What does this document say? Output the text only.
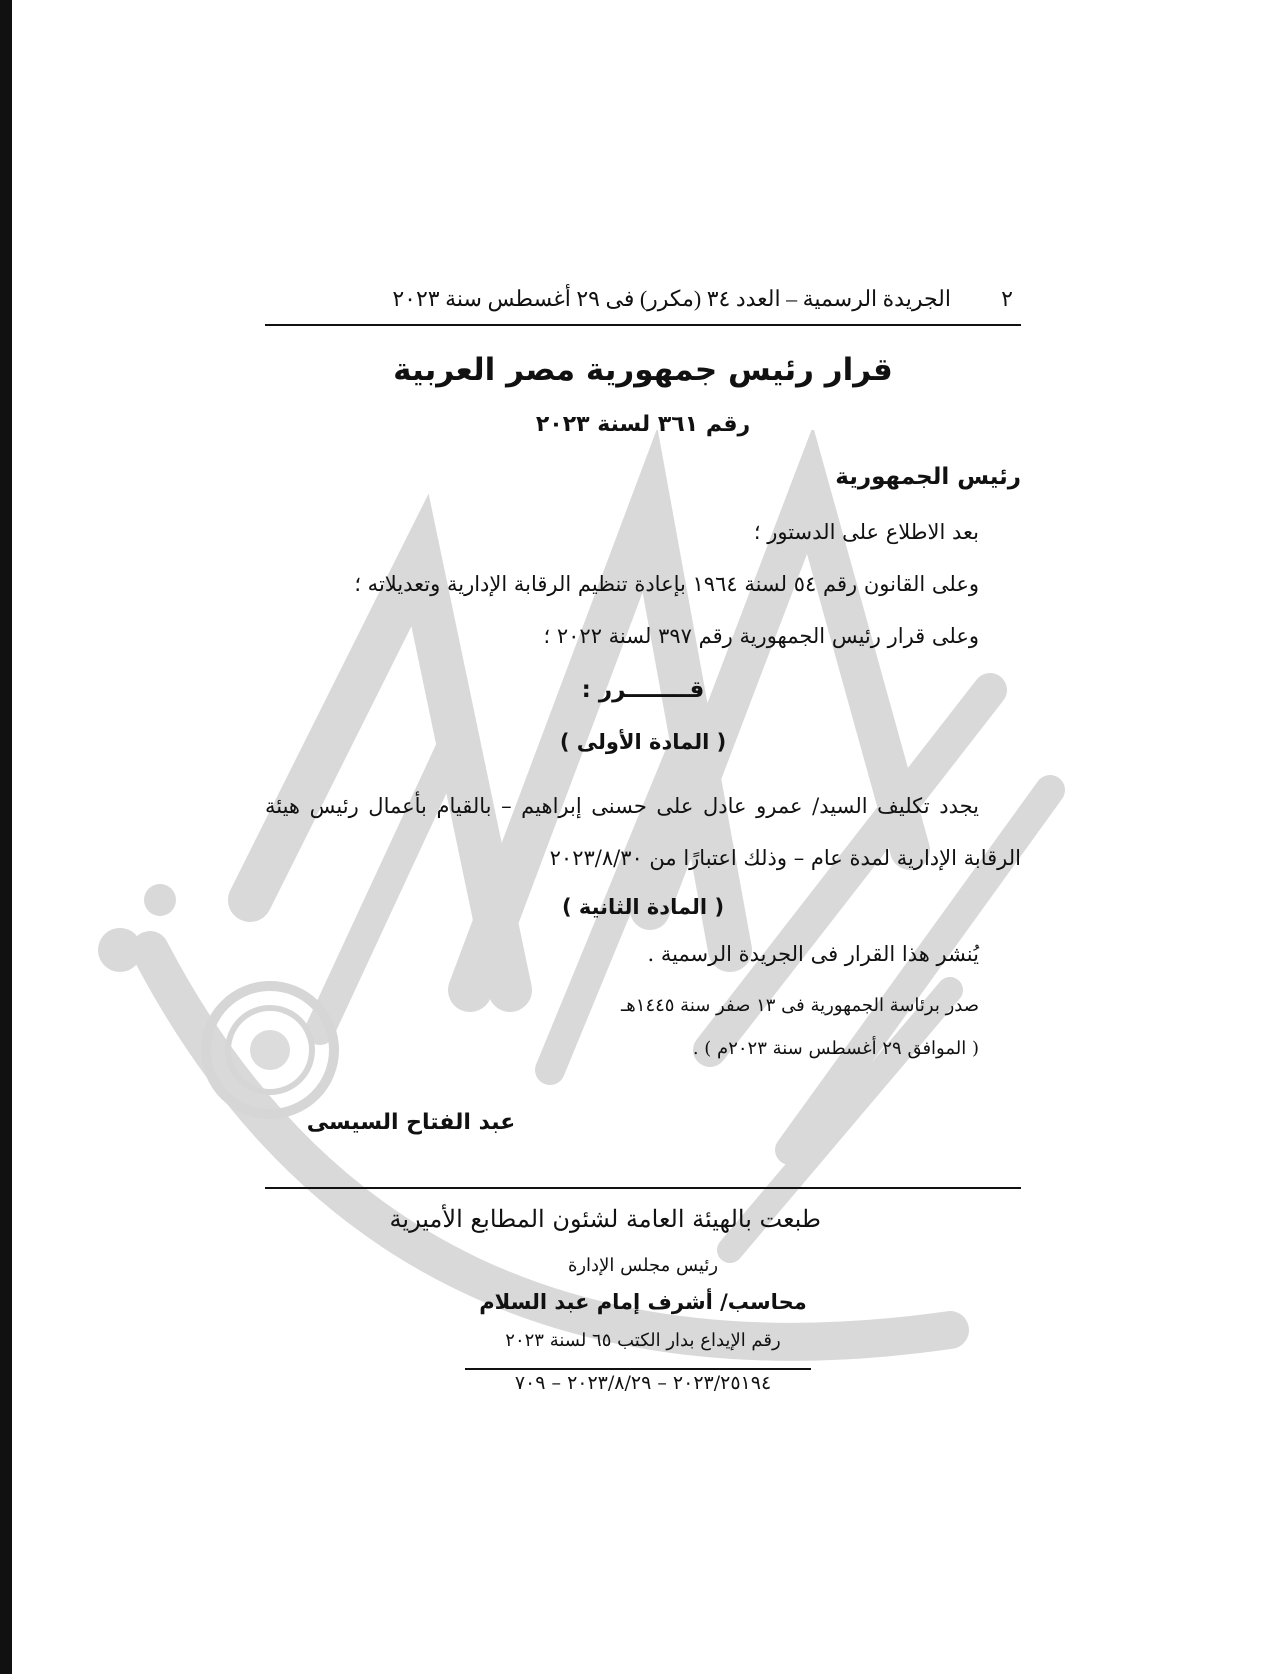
٢
الجريدة الرسمية – العدد ٣٤ (مكرر) فى ٢٩ أغسطس سنة ٢٠٢٣
قرار رئيس جمهورية مصر العربية
رقم ٣٦١ لسنة ٢٠٢٣
رئيس الجمهورية
بعد الاطلاع على الدستور ؛
وعلى القانون رقم ٥٤ لسنة ١٩٦٤ بإعادة تنظيم الرقابة الإدارية وتعديلاته ؛
وعلى قرار رئيس الجمهورية رقم ٣٩٧ لسنة ٢٠٢٢ ؛
قــــــــرر :
( المادة الأولى )
يجدد تكليف السيد/ عمرو عادل على حسنى إبراهيم – بالقيام بأعمال رئيس هيئة الرقابة الإدارية لمدة عام – وذلك اعتبارًا من ٢٠٢٣/٨/٣٠
( المادة الثانية )
يُنشر هذا القرار فى الجريدة الرسمية .
صدر برئاسة الجمهورية فى ١٣ صفر سنة ١٤٤٥هـ
( الموافق ٢٩ أغسطس سنة ٢٠٢٣م ) .
عبد الفتاح السيسى
طبعت بالهيئة العامة لشئون المطابع الأميرية
رئيس مجلس الإدارة
محاسب/ أشرف إمام عبد السلام
رقم الإيداع بدار الكتب ٦٥ لسنة ٢٠٢٣
٢٠٢٣/٢٥١٩٤ – ٢٠٢٣/٨/٢٩ – ٧٠٩
